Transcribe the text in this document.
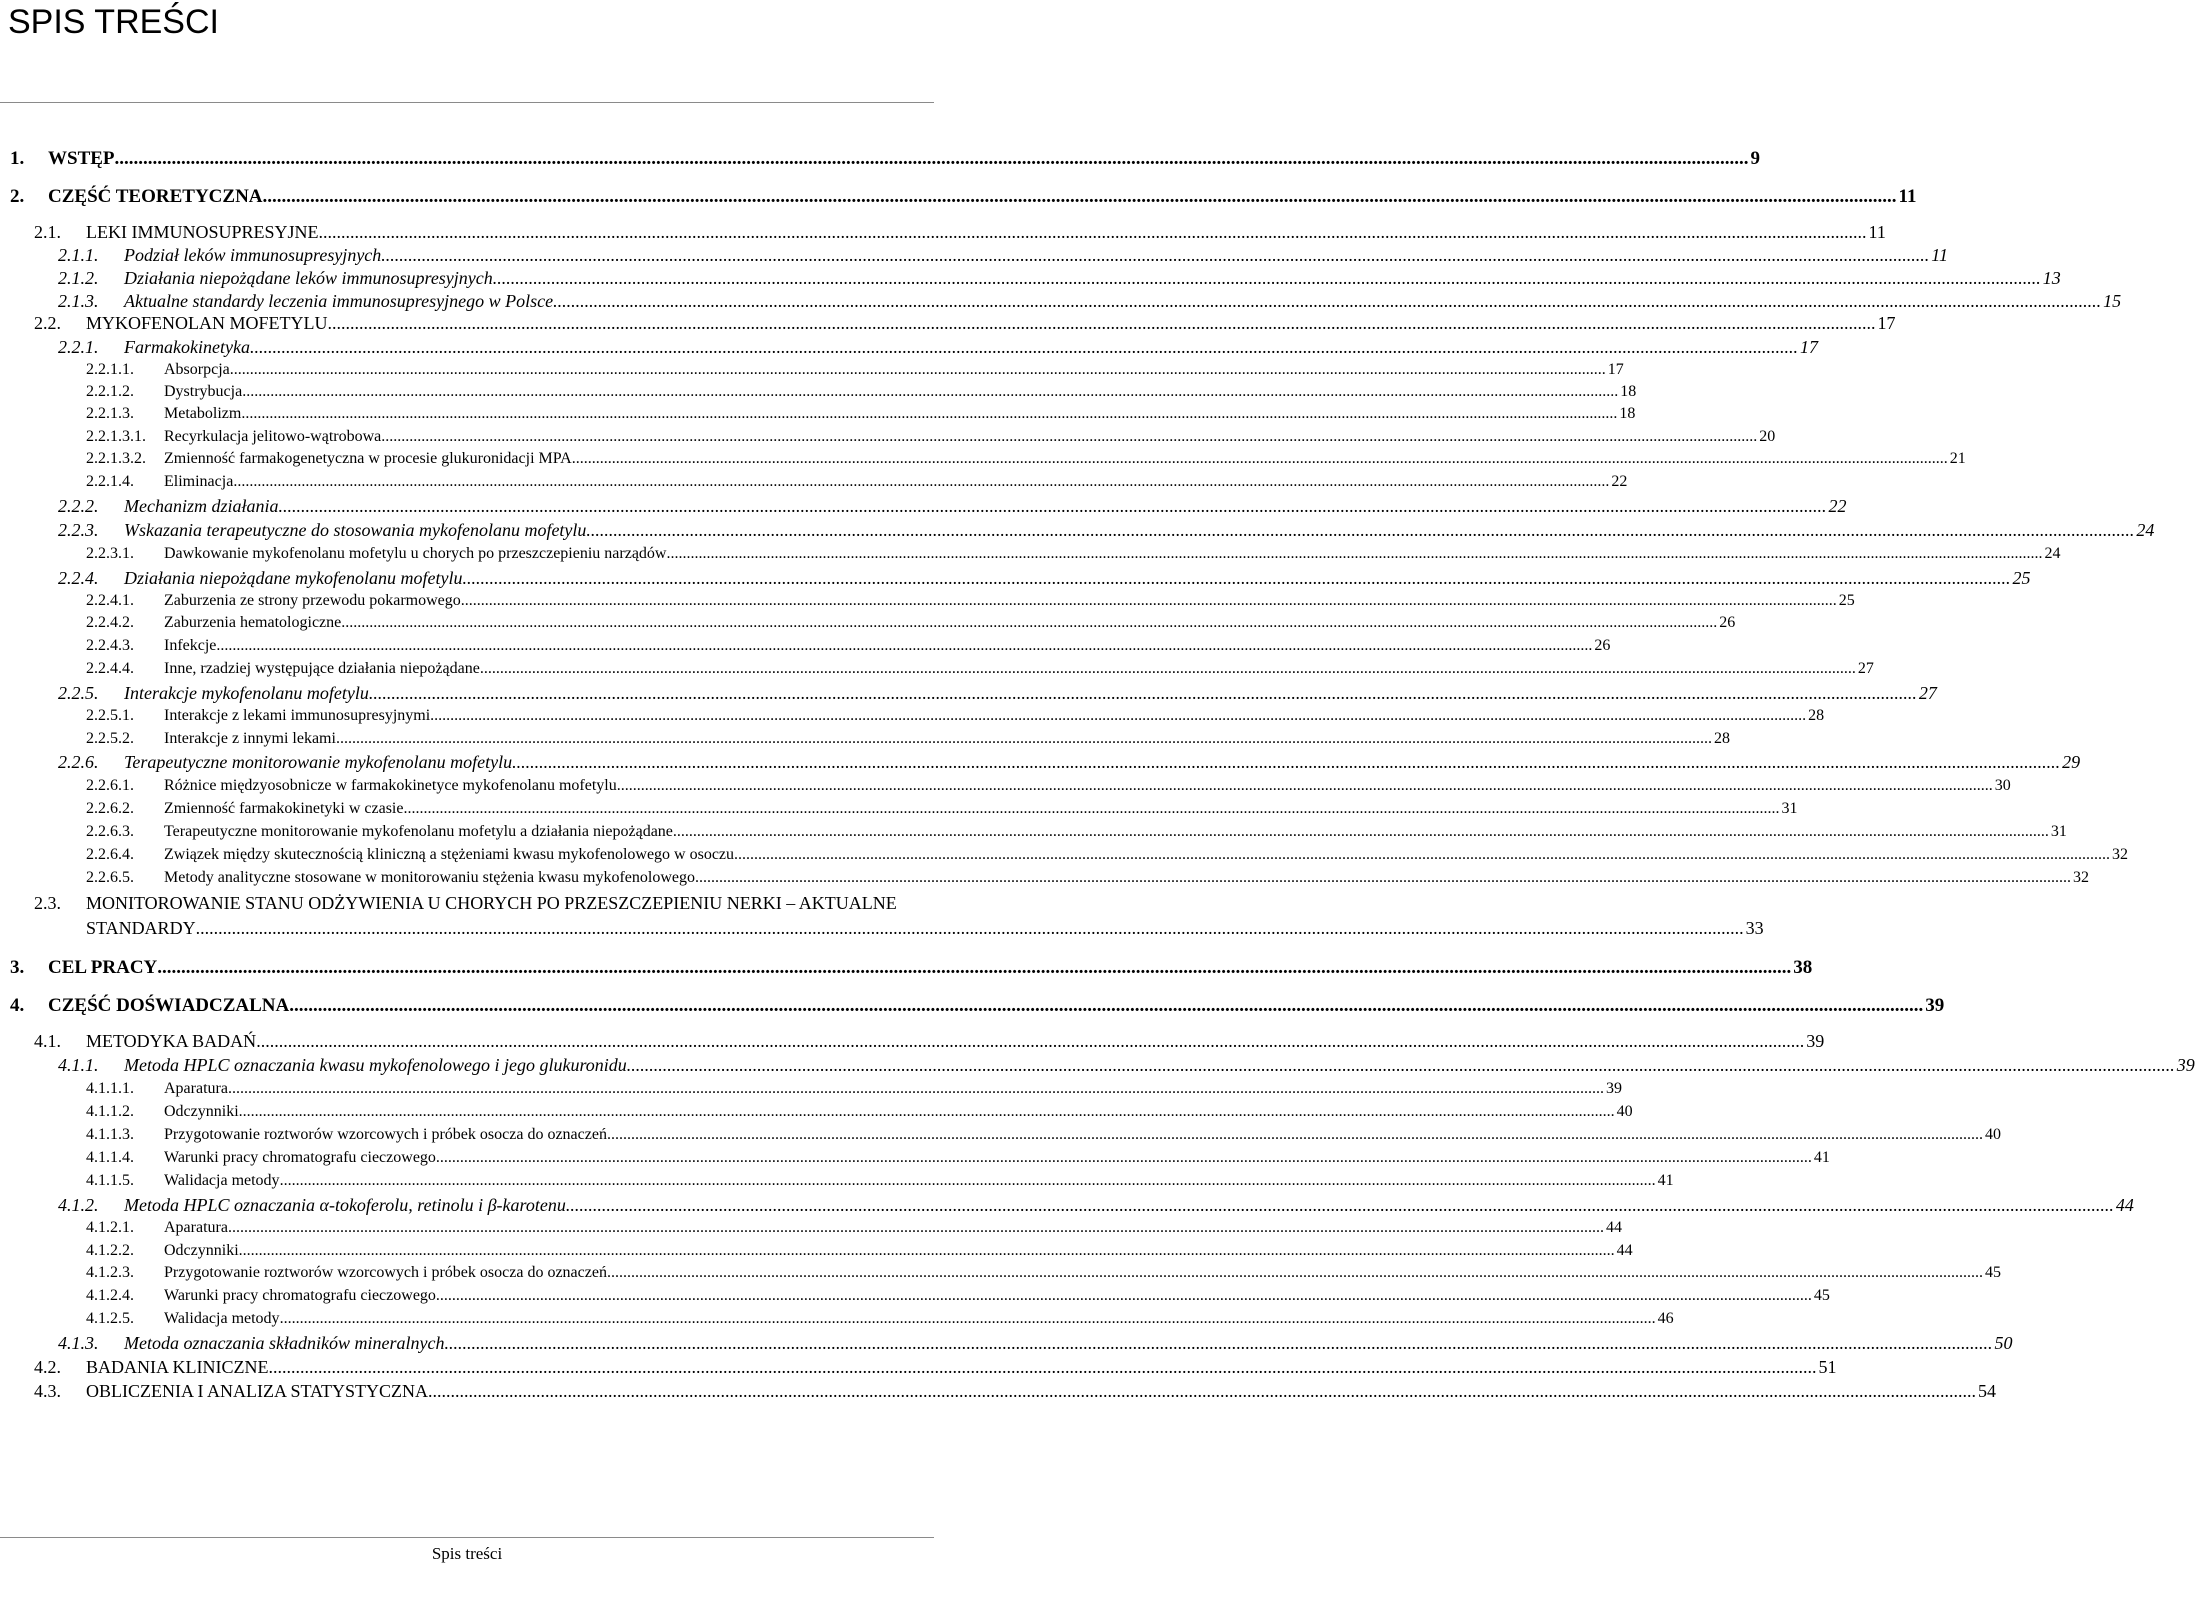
SPIS TREŚCI
1.	WSTĘP .....	9
2.	CZĘŚĆ TEORETYCZNA .....	11
2.1.	LEKI IMMUNOSUPRESYJNE .....	11
2.1.1.	Podział leków immunosupresyjnych .....	11
2.1.2.	Działania niepożądane leków immunosupresyjnych .....	13
2.1.3.	Aktualne standardy leczenia immunosupresyjnego w Polsce .....	15
2.2.	MYKOFENOLAN MOFETYLU .....	17
2.2.1.	Farmakokinetyka .....	17
2.2.1.1.	Absorpcja .....	17
2.2.1.2.	Dystrybucja .....	18
2.2.1.3.	Metabolizm .....	18
2.2.1.3.1.	Recyrkulacja jelitowo-wątrobowa .....	20
2.2.1.3.2.	Zmienność farmakogenetyczna w procesie glukuronidacji MPA .....	21
2.2.1.4.	Eliminacja .....	22
2.2.2.	Mechanizm działania .....	22
2.2.3.	Wskazania terapeutyczne do stosowania mykofenolanu mofetylu .....	24
2.2.3.1.	Dawkowanie mykofenolanu mofetylu u chorych po przeszczepieniu narządów .....	24
2.2.4.	Działania niepożądane mykofenolanu mofetylu .....	25
2.2.4.1.	Zaburzenia ze strony przewodu pokarmowego .....	25
2.2.4.2.	Zaburzenia hematologiczne .....	26
2.2.4.3.	Infekcje .....	26
2.2.4.4.	Inne, rzadziej występujące działania niepożądane .....	27
2.2.5.	Interakcje mykofenolanu mofetylu .....	27
2.2.5.1.	Interakcje z lekami immunosupresyjnymi .....	28
2.2.5.2.	Interakcje z innymi lekami .....	28
2.2.6.	Terapeutyczne monitorowanie mykofenolanu mofetylu .....	29
2.2.6.1.	Różnice międzyosobnicze w farmakokinetyce mykofenolanu mofetylu .....	30
2.2.6.2.	Zmienność farmakokinetyki w czasie .....	31
2.2.6.3.	Terapeutyczne monitorowanie mykofenolanu mofetylu a działania niepożądane .....	31
2.2.6.4.	Związek między skutecznością kliniczną a stężeniami kwasu mykofenolowego w osoczu .....	32
2.2.6.5.	Metody analityczne stosowane w monitorowaniu stężenia kwasu mykofenolowego .....	32
2.3.	MONITOROWANIE STANU ODŻYWIENIA U CHORYCH PO PRZESZCZEPIENIU NERKI – AKTUALNE
STANDARDY .....	33
3.	CEL PRACY .....	38
4.	CZĘŚĆ DOŚWIADCZALNA .....	39
4.1.	METODYKA BADAŃ .....	39
4.1.1.	Metoda HPLC oznaczania kwasu mykofenolowego i jego glukuronidu .....	39
4.1.1.1.	Aparatura .....	39
4.1.1.2.	Odczynniki .....	40
4.1.1.3.	Przygotowanie roztworów wzorcowych i próbek osocza do oznaczeń .....	40
4.1.1.4.	Warunki pracy chromatografu cieczowego .....	41
4.1.1.5.	Walidacja metody .....	41
4.1.2.	Metoda HPLC oznaczania α-tokoferolu, retinolu i β-karotenu .....	44
4.1.2.1.	Aparatura .....	44
4.1.2.2.	Odczynniki .....	44
4.1.2.3.	Przygotowanie roztworów wzorcowych i próbek osocza do oznaczeń .....	45
4.1.2.4.	Warunki pracy chromatografu cieczowego .....	45
4.1.2.5.	Walidacja metody .....	46
4.1.3.	Metoda oznaczania składników mineralnych .....	50
4.2.	BADANIA KLINICZNE .....	51
4.3.	OBLICZENIA I ANALIZA STATYSTYCZNA .....	54
Spis treści
